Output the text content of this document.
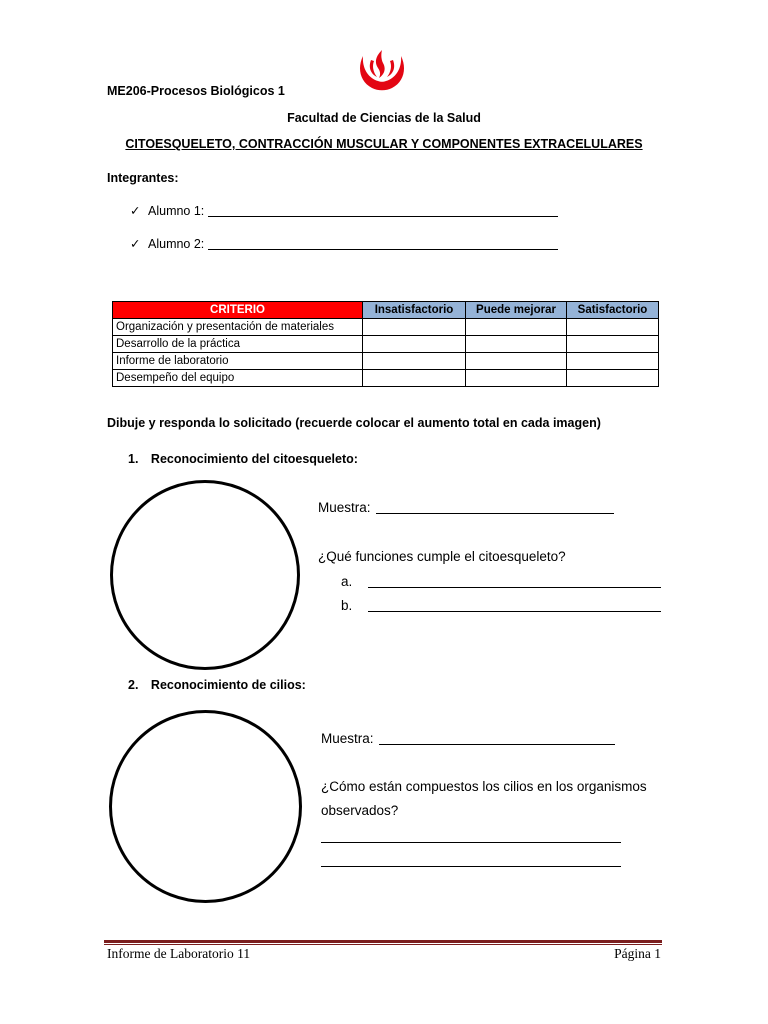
ME206-Procesos Biológicos 1
Facultad de Ciencias de la Salud
CITOESQUELETO, CONTRACCIÓN MUSCULAR Y COMPONENTES EXTRACELULARES
Integrantes:
✓ Alumno 1:
✓ Alumno 2:
CRITERIO	Insatisfactorio	Puede mejorar	Satisfactorio
Organización y presentación de materiales			
Desarrollo de la práctica			
Informe de laboratorio			
Desempeño del equipo			
Dibuje y responda lo solicitado (recuerde colocar el aumento total en cada imagen)
1. Reconocimiento del citoesqueleto:
Muestra:
¿Qué funciones cumple el citoesqueleto?
a.
b.
2. Reconocimiento de cilios:
Muestra:
¿Cómo están compuestos los cilios en los organismos
observados?
Informe de Laboratorio 11	Página 1
